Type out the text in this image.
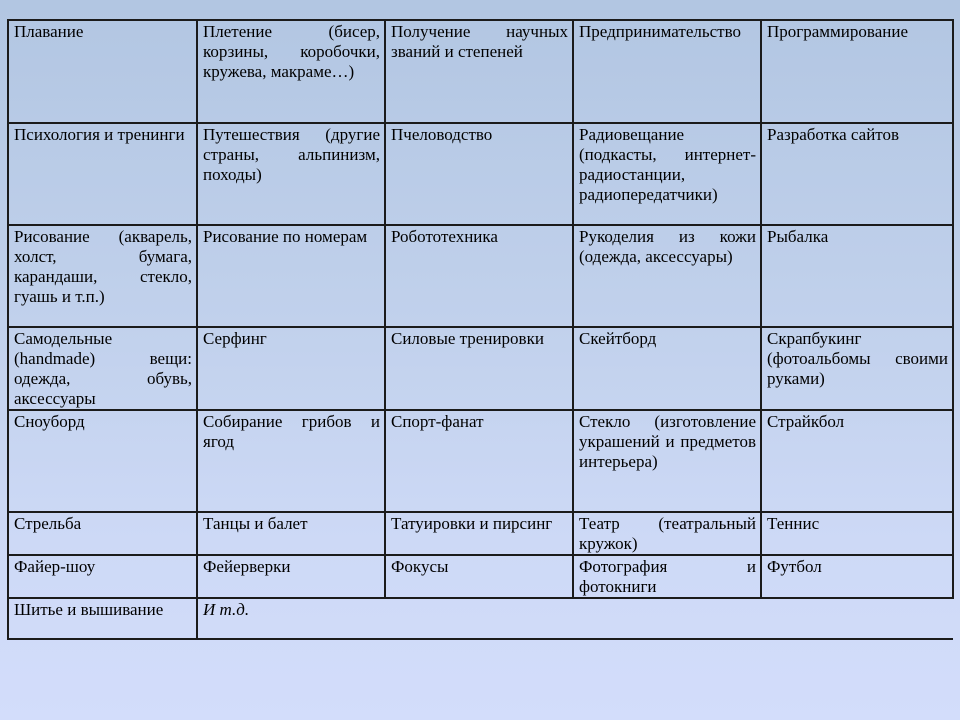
Плавание	Плетение (бисер, корзины, коробочки, кружева, макраме…)	Получение научных званий и степеней	Предпринимательство	Программирование
Психология и тренинги	Путешествия (другие страны, альпинизм, походы)	Пчеловодство	Радиовещание (подкасты, интернет-радиостанции, радиопередатчики)	Разработка сайтов
Рисование (акварель, холст, бумага, карандаши, стекло, гуашь и т.п.)	Рисование по номерам	Робототехника	Рукоделия из кожи (одежда, аксессуары)	Рыбалка
Самодельные (handmade) вещи: одежда, обувь, аксессуары	Серфинг	Силовые тренировки	Скейтборд	Скрапбукинг (фотоальбомы своими руками)
Сноуборд	Собирание грибов и ягод	Спорт-фанат	Стекло (изготовление украшений и предметов интерьера)	Страйкбол
Стрельба	Танцы и балет	Татуировки и пирсинг	Театр (театральный кружок)	Теннис
Файер-шоу	Фейерверки	Фокусы	Фотография и фотокниги	Футбол
Шитье и вышивание	И т.д.			
